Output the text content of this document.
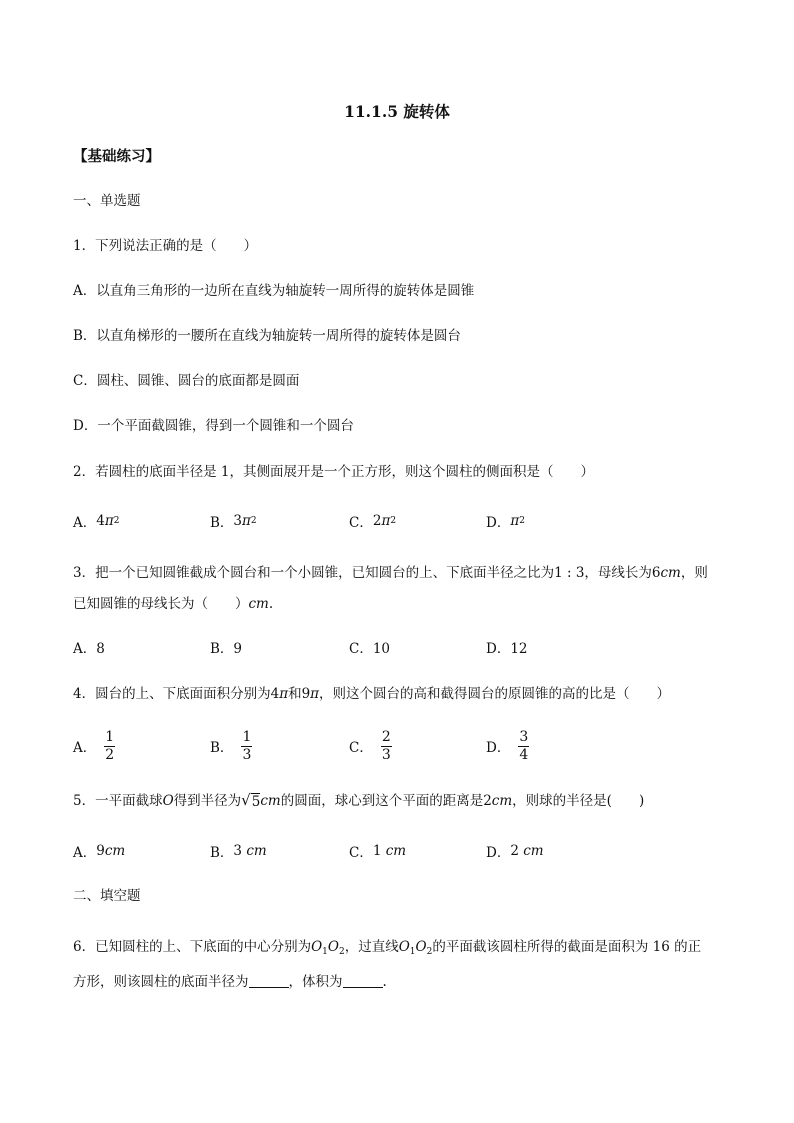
11.1.5 旋转体
【基础练习】
一、单选题
1．下列说法正确的是（　　）
A．以直角三角形的一边所在直线为轴旋转一周所得的旋转体是圆锥
B．以直角梯形的一腰所在直线为轴旋转一周所得的旋转体是圆台
C．圆柱、圆锥、圆台的底面都是圆面
D．一个平面截圆锥，得到一个圆锥和一个圆台
2．若圆柱的底面半径是 1，其侧面展开是一个正方形，则这个圆柱的侧面积是（　　）
A． 4 π 2	B． 3 π 2	C． 2 π 2	D． π 2
3．把一个已知圆锥截成个圆台和一个小圆锥，已知圆台的上、下底面半径之比为1 : 3，母线长为6cm，则
已知圆锥的母线长为（　　）cm.
A．8	B．9	C．10	D．12
4．圆台的上、下底面面积分别为4π和9π，则这个圆台的高和截得圆台的原圆锥的高的比是（　　）
A． $\frac{1}{2}$	B． $\frac{1}{3}$	C． $\frac{2}{3}$	D． $\frac{3}{4}$
5．一平面截球O得到半径为 √ 5 cm的圆面，球心到这个平面的距离是2cm，则球的半径是(　　)
A． 9 cm	B． 3
cm	C． 1
cm	D． 2
cm
二、填空题
6．已知圆柱的上、下底面的中心分别为$O_1O_2$，过直线$O_1O_2$的平面截该圆柱所得的截面是面积为 16 的正
方形，则该圆柱的底面半径为	，体积为	.
